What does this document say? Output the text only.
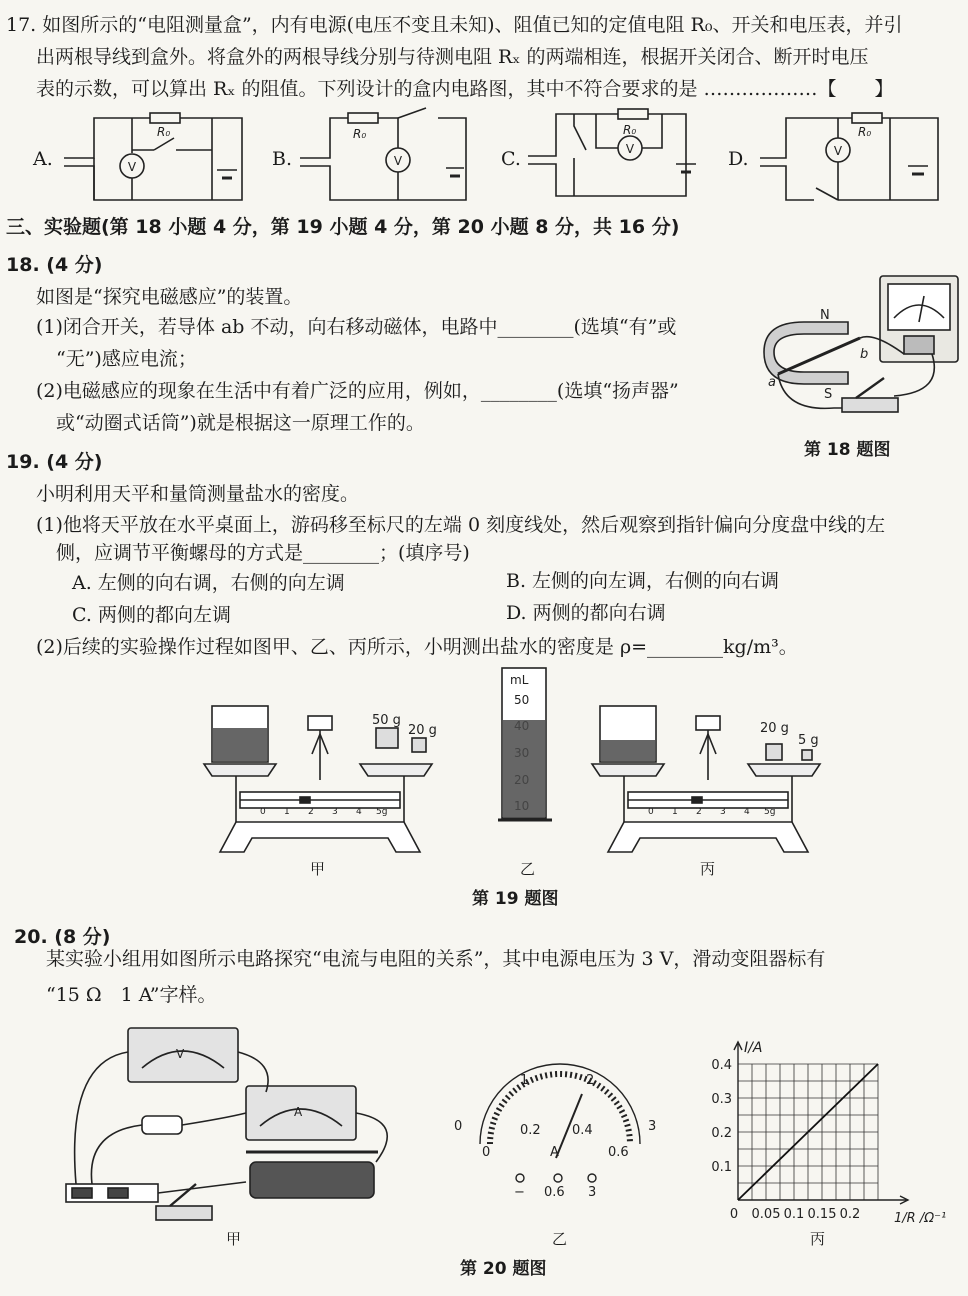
17. 如图所示的“电阻测量盒”，内有电源(电压不变且未知)、阻值已知的定值电阻 R₀、开关和电压表，并引
出两根导线到盒外。将盒外的两根导线分别与待测电阻 Rₓ 的两端相连，根据开关闭合、断开时电压
表的示数，可以算出 Rₓ 的阻值。下列设计的盒内电路图，其中不符合要求的是 ………………【　　】
A.	V
R₀
B.	V
R₀
C.	V
R₀
D.	V
R₀
三、实验题(第 18 小题 4 分，第 19 小题 4 分，第 20 小题 8 分，共 16 分)
18. (4 分)
如图是“探究电磁感应”的装置。
(1)闭合开关，若导体 ab 不动，向右移动磁体，电路中________(选填“有”或
“无”)感应电流；
(2)电磁感应的现象在生活中有着广泛的应用，例如，________(选填“扬声器”
或“动圈式话筒”)就是根据这一原理工作的。
N
S
a
b
第 18 题图
19. (4 分)
小明利用天平和量筒测量盐水的密度。
(1)他将天平放在水平桌面上，游码移至标尺的左端 0 刻度线处，然后观察到指针偏向分度盘中线的左
侧，应调节平衡螺母的方式是________；(填序号)
A. 左侧的向右调，右侧的向左调	B. 左侧的向左调，右侧的向右调
C. 两侧的都向左调	D. 两侧的都向右调
(2)后续的实验操作过程如图甲、乙、丙所示，小明测出盐水的密度是 ρ=________kg/m³。
50 g
20 g
0 1 2 3 4 5g
mL
50
40
30
20
10
20 g
5 g
0 1 2 3 4 5g
甲	乙	丙
第 19 题图
20. (8 分)
某实验小组用如图所示电路探究“电流与电阻的关系”，其中电源电压为 3 V，滑动变阻器标有
“15 Ω　1 A”字样。
V
A
甲
0
1	2
3
0
0.2 0.4
0.6
A
− 0.6 3
乙
0.1
0.2
0.3
0.4
0 0.05 0.1 0.15 0.2
I/A
1/R /Ω⁻¹
丙
第 20 题图
